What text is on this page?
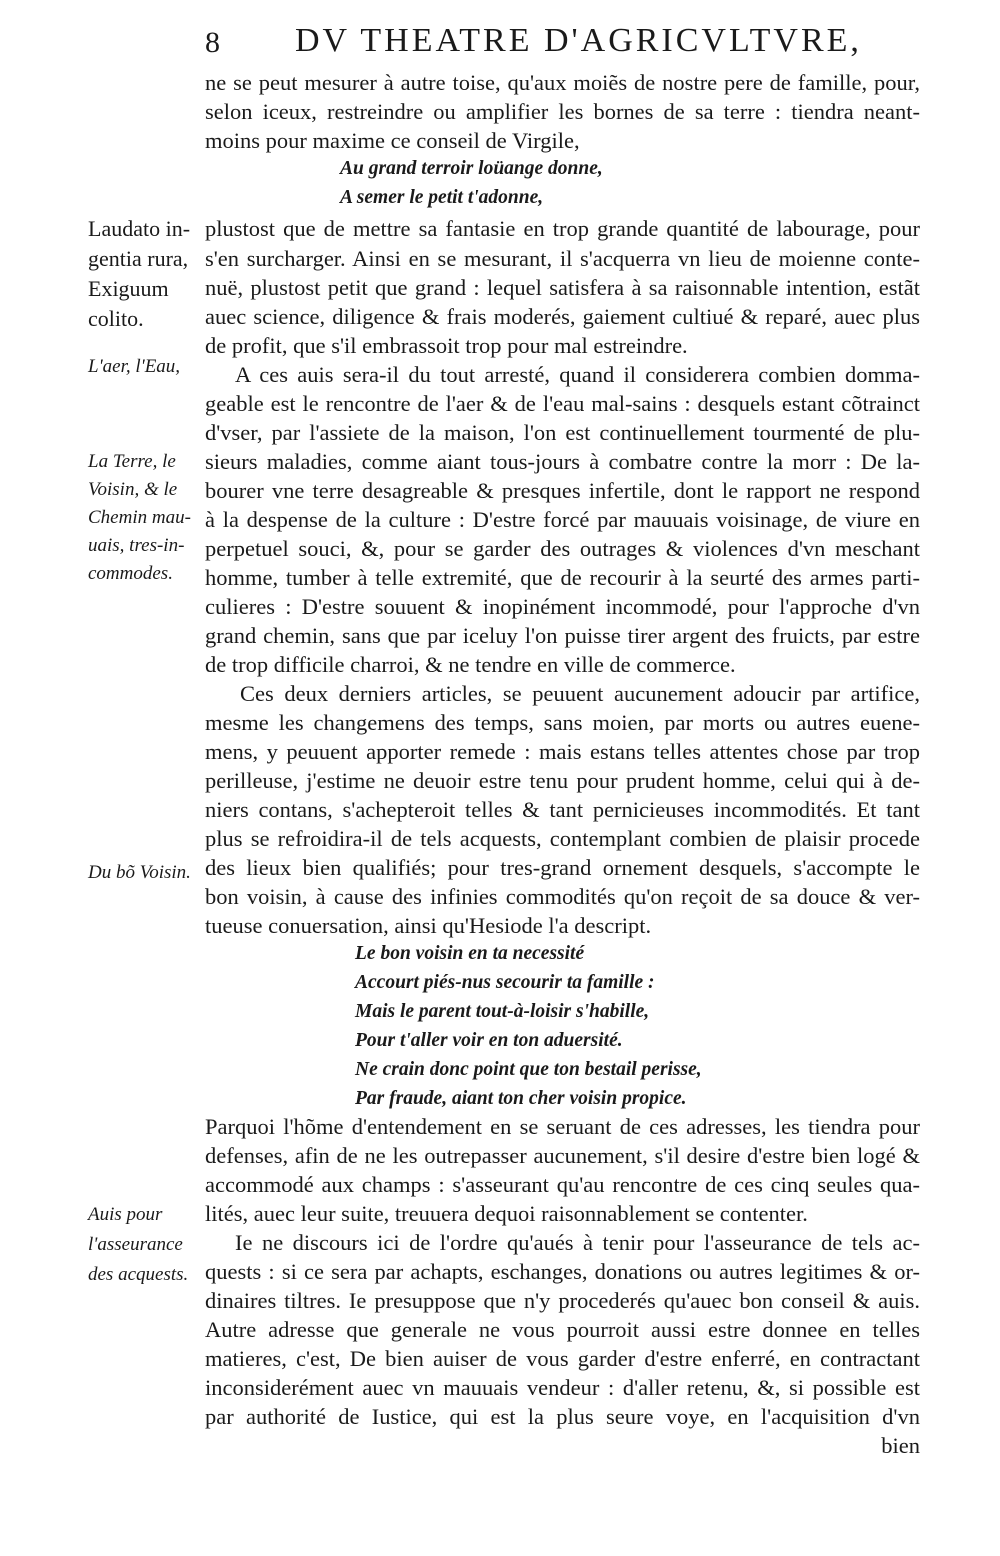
8 DV THEATRE D'AGRICVLTVRE,
ne se peut mesurer à autre toise, qu'aux moiẽs de nostre pere de famille, pour,
selon iceux, restreindre ou amplifier les bornes de sa terre : tiendra neant-
moins pour maxime ce conseil de Virgile,
Au grand terroir loüange donne,
A semer le petit t'adonne,
plustost que de mettre sa fantasie en trop grande quantité de labourage, pour
s'en surcharger. Ainsi en se mesurant, il s'acquerra vn lieu de moienne conte-
nuë, plustost petit que grand : lequel satisfera à sa raisonnable intention, estãt
auec science, diligence & frais moderés, gaiement cultiué & reparé, auec plus
de profit, que s'il embrassoit trop pour mal estreindre.
A ces auis sera-il du tout arresté, quand il considerera combien domma-
geable est le rencontre de l'aer & de l'eau mal-sains : desquels estant cõtrainct
d'vser, par l'assiete de la maison, l'on est continuellement tourmenté de plu-
sieurs maladies, comme aiant tous-jours à combatre contre la morr : De la-
bourer vne terre desagreable & presques infertile, dont le rapport ne respond
à la despense de la culture : D'estre forcé par mauuais voisinage, de viure en
perpetuel souci, &, pour se garder des outrages & violences d'vn meschant
homme, tumber à telle extremité, que de recourir à la seurté des armes parti-
culieres : D'estre souuent & inopinément incommodé, pour l'approche d'vn
grand chemin, sans que par iceluy l'on puisse tirer argent des fruicts, par estre
de trop difficile charroi, & ne tendre en ville de commerce.
Ces deux derniers articles, se peuuent aucunement adoucir par artifice,
mesme les changemens des temps, sans moien, par morts ou autres euene-
mens, y peuuent apporter remede : mais estans telles attentes chose par trop
perilleuse, j'estime ne deuoir estre tenu pour prudent homme, celui qui à de-
niers contans, s'achepteroit telles & tant pernicieuses incommodités. Et tant
plus se refroidira-il de tels acquests, contemplant combien de plaisir procede
des lieux bien qualifiés; pour tres-grand ornement desquels, s'accompte le
bon voisin, à cause des infinies commodités qu'on reçoit de sa douce & ver-
tueuse conuersation, ainsi qu'Hesiode l'a descript.
Le bon voisin en ta necessité
Accourt piés-nus secourir ta famille :
Mais le parent tout-à-loisir s'habille,
Pour t'aller voir en ton aduersité.
Ne crain donc point que ton bestail perisse,
Par fraude, aiant ton cher voisin propice.
Parquoi l'hõme d'entendement en se seruant de ces adresses, les tiendra pour
defenses, afin de ne les outrepasser aucunement, s'il desire d'estre bien logé &
accommodé aux champs : s'asseurant qu'au rencontre de ces cinq seules qua-
lités, auec leur suite, treuuera dequoi raisonnablement se contenter.
Ie ne discours ici de l'ordre qu'aués à tenir pour l'asseurance de tels ac-
quests : si ce sera par achapts, eschanges, donations ou autres legitimes & or-
dinaires tiltres. Ie presuppose que n'y procederés qu'auec bon conseil & auis.
Autre adresse que generale ne vous pourroit aussi estre donnee en telles
matieres, c'est, De bien auiser de vous garder d'estre enferré, en contractant
inconsiderément auec vn mauuais vendeur : d'aller retenu, &, si possible est
par authorité de Iustice, qui est la plus seure voye, en l'acquisition d'vn
bien
Laudato in-
gentia rura,
Exiguum
colito.
L'aer, l'Eau,
La Terre, le
Voisin, & le
Chemin mau-
uais, tres-in-
commodes.
Du bõ Voisin.
Auis pour
l'asseurance
des acquests.
